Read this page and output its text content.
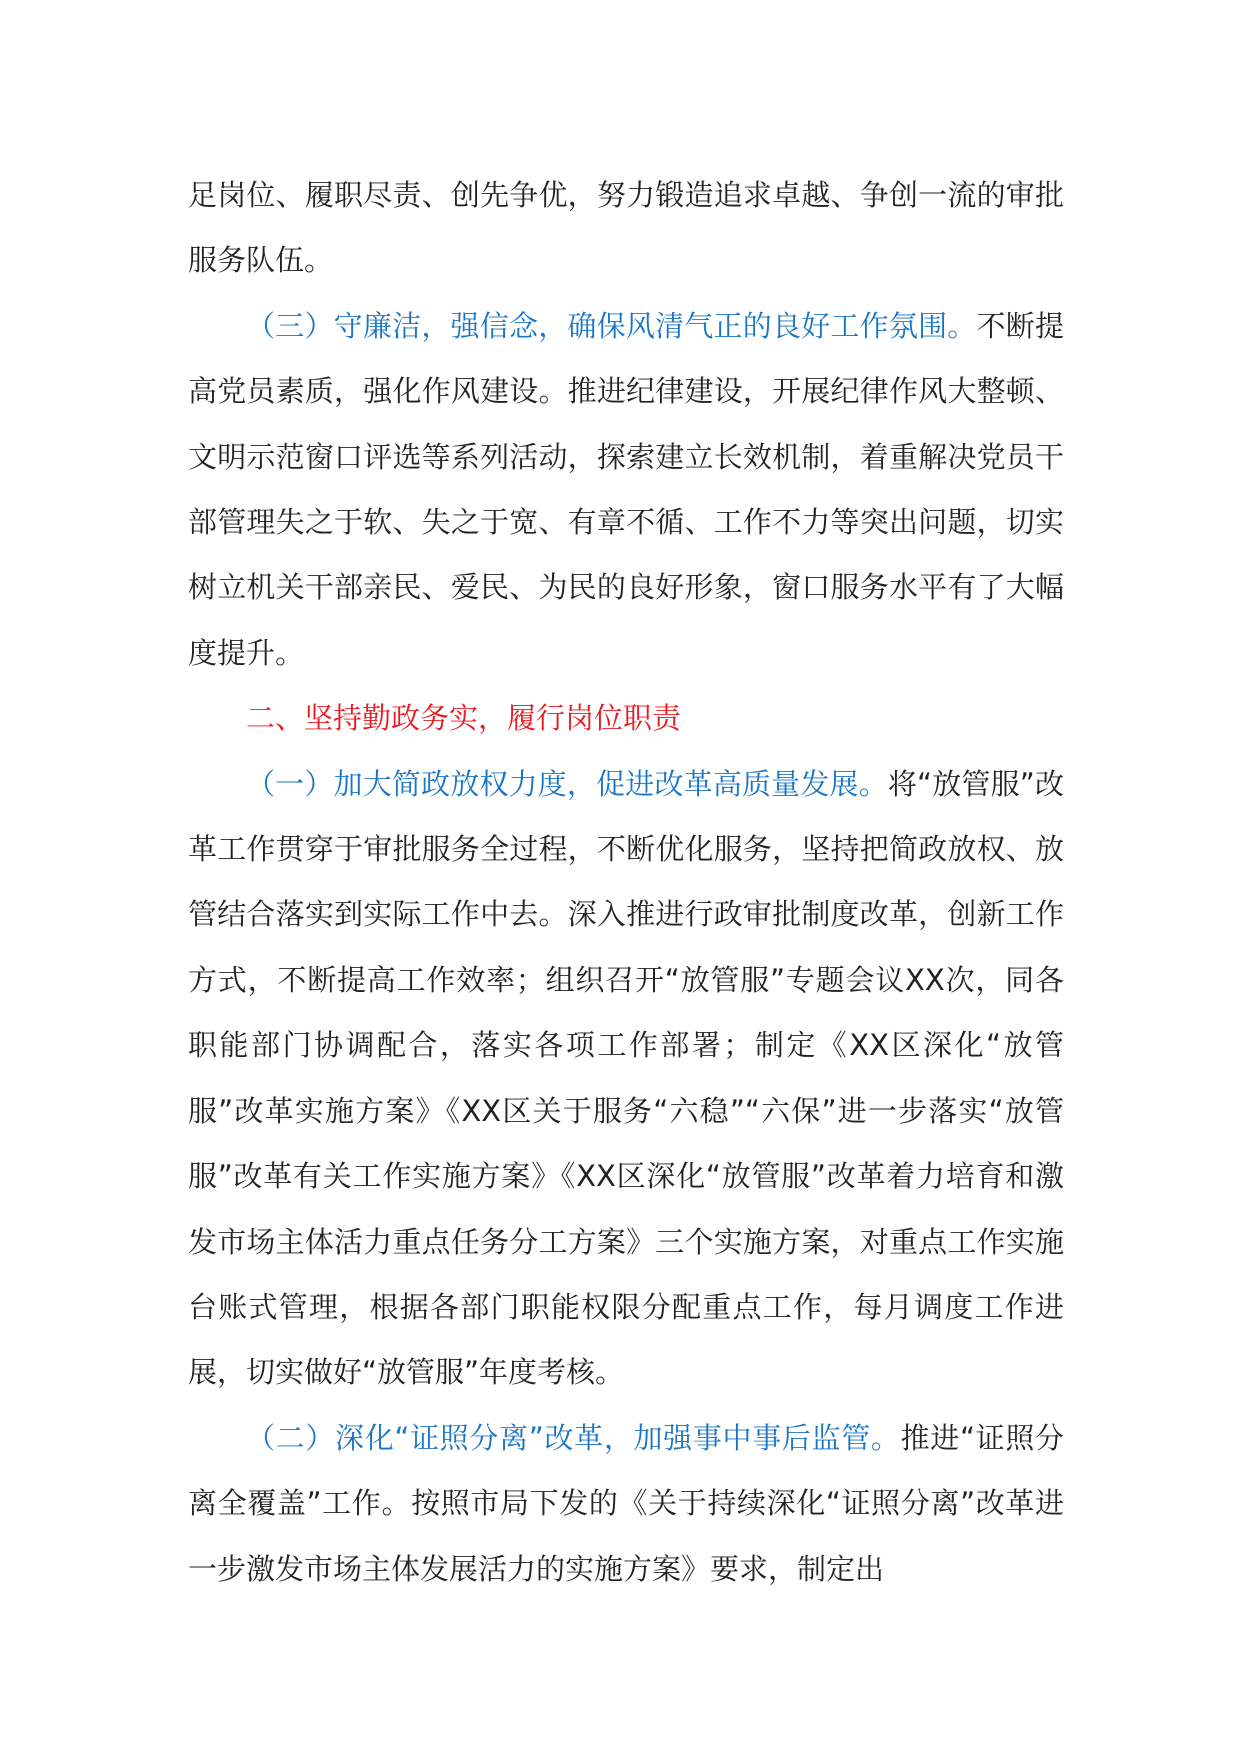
足岗位、履职尽责、创先争优，努力锻造追求卓越、争创一流的审批服务队伍。

（三）守廉洁，强信念，确保风清气正的良好工作氛围。不断提高党员素质，强化作风建设。推进纪律建设，开展纪律作风大整顿、文明示范窗口评选等系列活动，探索建立长效机制，着重解决党员干部管理失之于软、失之于宽、有章不循、工作不力等突出问题，切实树立机关干部亲民、爱民、为民的良好形象，窗口服务水平有了大幅度提升。

二、坚持勤政务实，履行岗位职责

（一）加大简政放权力度，促进改革高质量发展。将“放管服”改革工作贯穿于审批服务全过程，不断优化服务，坚持把简政放权、放管结合落实到实际工作中去。深入推进行政审批制度改革，创新工作方式，不断提高工作效率；组织召开“放管服”专题会议XX次，同各职能部门协调配合，落实各项工作部署；制定《XX区深化“放管服”改革实施方案》《XX区关于服务“六稳”“六保”进一步落实“放管服”改革有关工作实施方案》《XX区深化“放管服”改革着力培育和激发市场主体活力重点任务分工方案》三个实施方案，对重点工作实施台账式管理，根据各部门职能权限分配重点工作，每月调度工作进展，切实做好“放管服”年度考核。

（二）深化“证照分离”改革，加强事中事后监管。推进“证照分离全覆盖”工作。按照市局下发的《关于持续深化“证照分离”改革进一步激发市场主体发展活力的实施方案》要求，制定出
